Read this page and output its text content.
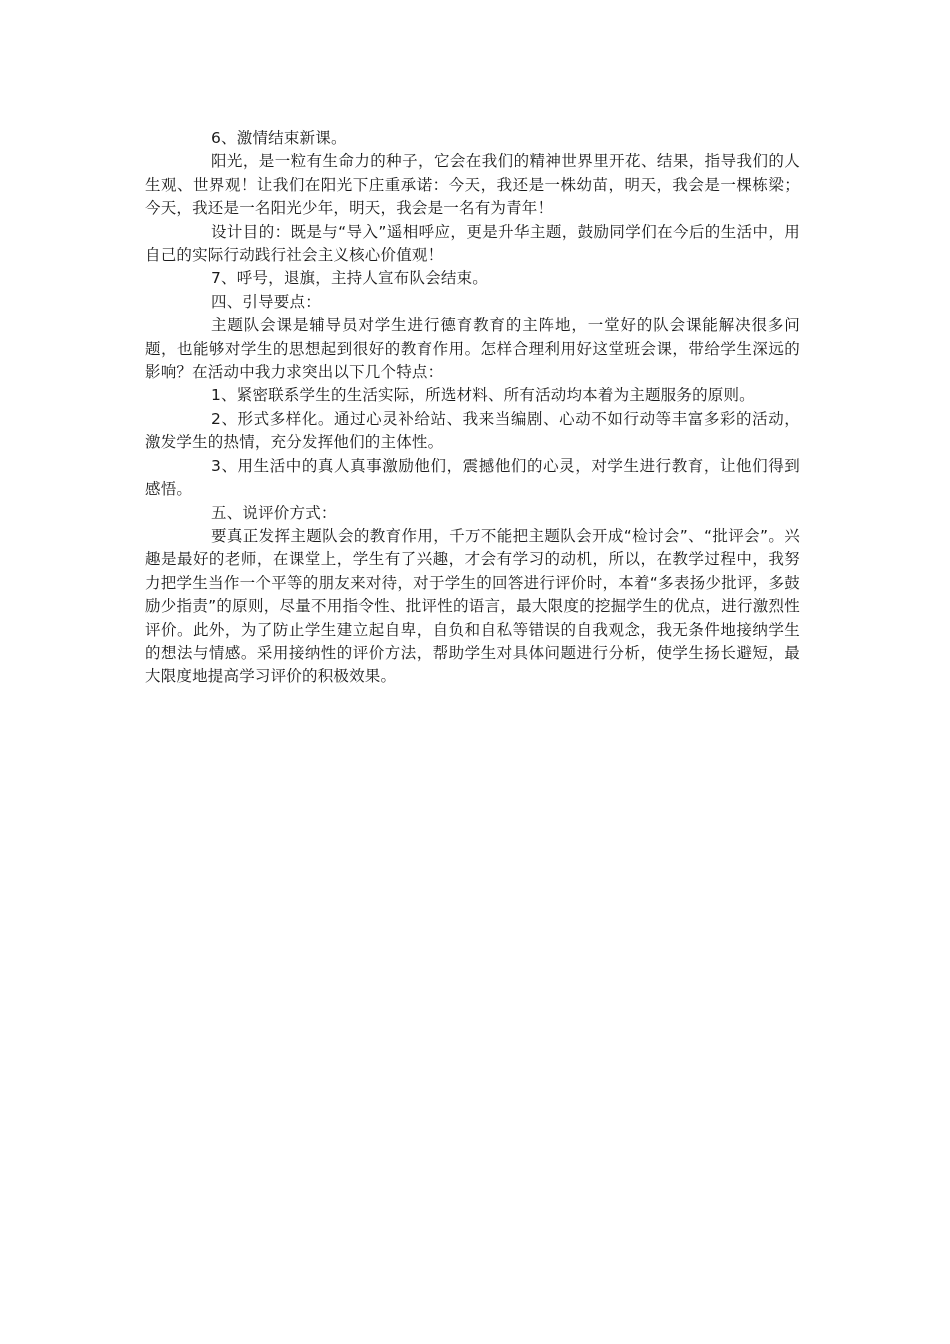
6、激情结束新课。

阳光，是一粒有生命力的种子，它会在我们的精神世界里开花、结果，指导我们的人生观、世界观！让我们在阳光下庄重承诺：今天，我还是一株幼苗，明天，我会是一棵栋梁；今天，我还是一名阳光少年，明天，我会是一名有为青年！

设计目的：既是与“导入”遥相呼应，更是升华主题，鼓励同学们在今后的生活中，用自己的实际行动践行社会主义核心价值观！

7、呼号，退旗，主持人宣布队会结束。

四、引导要点：

主题队会课是辅导员对学生进行德育教育的主阵地，一堂好的队会课能解决很多问题，也能够对学生的思想起到很好的教育作用。怎样合理利用好这堂班会课，带给学生深远的影响？在活动中我力求突出以下几个特点：

1、紧密联系学生的生活实际，所选材料、所有活动均本着为主题服务的原则。

2、形式多样化。通过心灵补给站、我来当编剧、心动不如行动等丰富多彩的活动，激发学生的热情，充分发挥他们的主体性。

3、用生活中的真人真事激励他们，震撼他们的心灵，对学生进行教育，让他们得到感悟。

五、说评价方式：

要真正发挥主题队会的教育作用，千万不能把主题队会开成“检讨会”、“批评会”。兴趣是最好的老师，在课堂上，学生有了兴趣，才会有学习的动机，所以，在教学过程中，我努力把学生当作一个平等的朋友来对待，对于学生的回答进行评价时，本着“多表扬少批评，多鼓励少指责”的原则，尽量不用指令性、批评性的语言，最大限度的挖掘学生的优点，进行激烈性评价。此外，为了防止学生建立起自卑，自负和自私等错误的自我观念，我无条件地接纳学生的想法与情感。采用接纳性的评价方法，帮助学生对具体问题进行分析，使学生扬长避短，最大限度地提高学习评价的积极效果。
